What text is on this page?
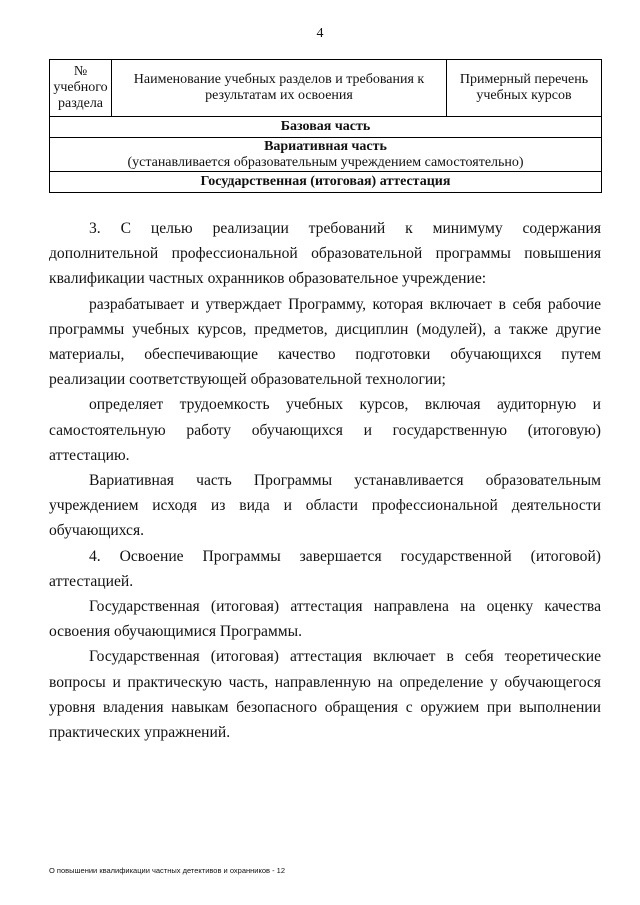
4
№ учебного раздела	Наименование учебных разделов и требования к результатам их освоения	Примерный перечень учебных курсов
Базовая часть

Вариативная часть
(устанавливается образовательным учреждением самостоятельно)

Государственная (итоговая) аттестация

3. С целью реализации требований к минимуму содержания дополнительной профессиональной образовательной программы повышения квалификации частных охранников образовательное учреждение:

разрабатывает и утверждает Программу, которая включает в себя рабочие программы учебных курсов, предметов, дисциплин (модулей), а также другие материалы, обеспечивающие качество подготовки обучающихся путем реализации соответствующей образовательной технологии;

определяет трудоемкость учебных курсов, включая аудиторную и самостоятельную работу обучающихся и государственную (итоговую) аттестацию.

Вариативная часть Программы устанавливается образовательным учреждением исходя из вида и области профессиональной деятельности обучающихся.

4. Освоение Программы завершается государственной (итоговой) аттестацией.

Государственная (итоговая) аттестация направлена на оценку качества освоения обучающимися Программы.

Государственная (итоговая) аттестация включает в себя теоретические вопросы и практическую часть, направленную на определение у обучающегося уровня владения навыкам безопасного обращения с оружием при выполнении практических упражнений.

О повышении квалификации частных детективов и охранников - 12
